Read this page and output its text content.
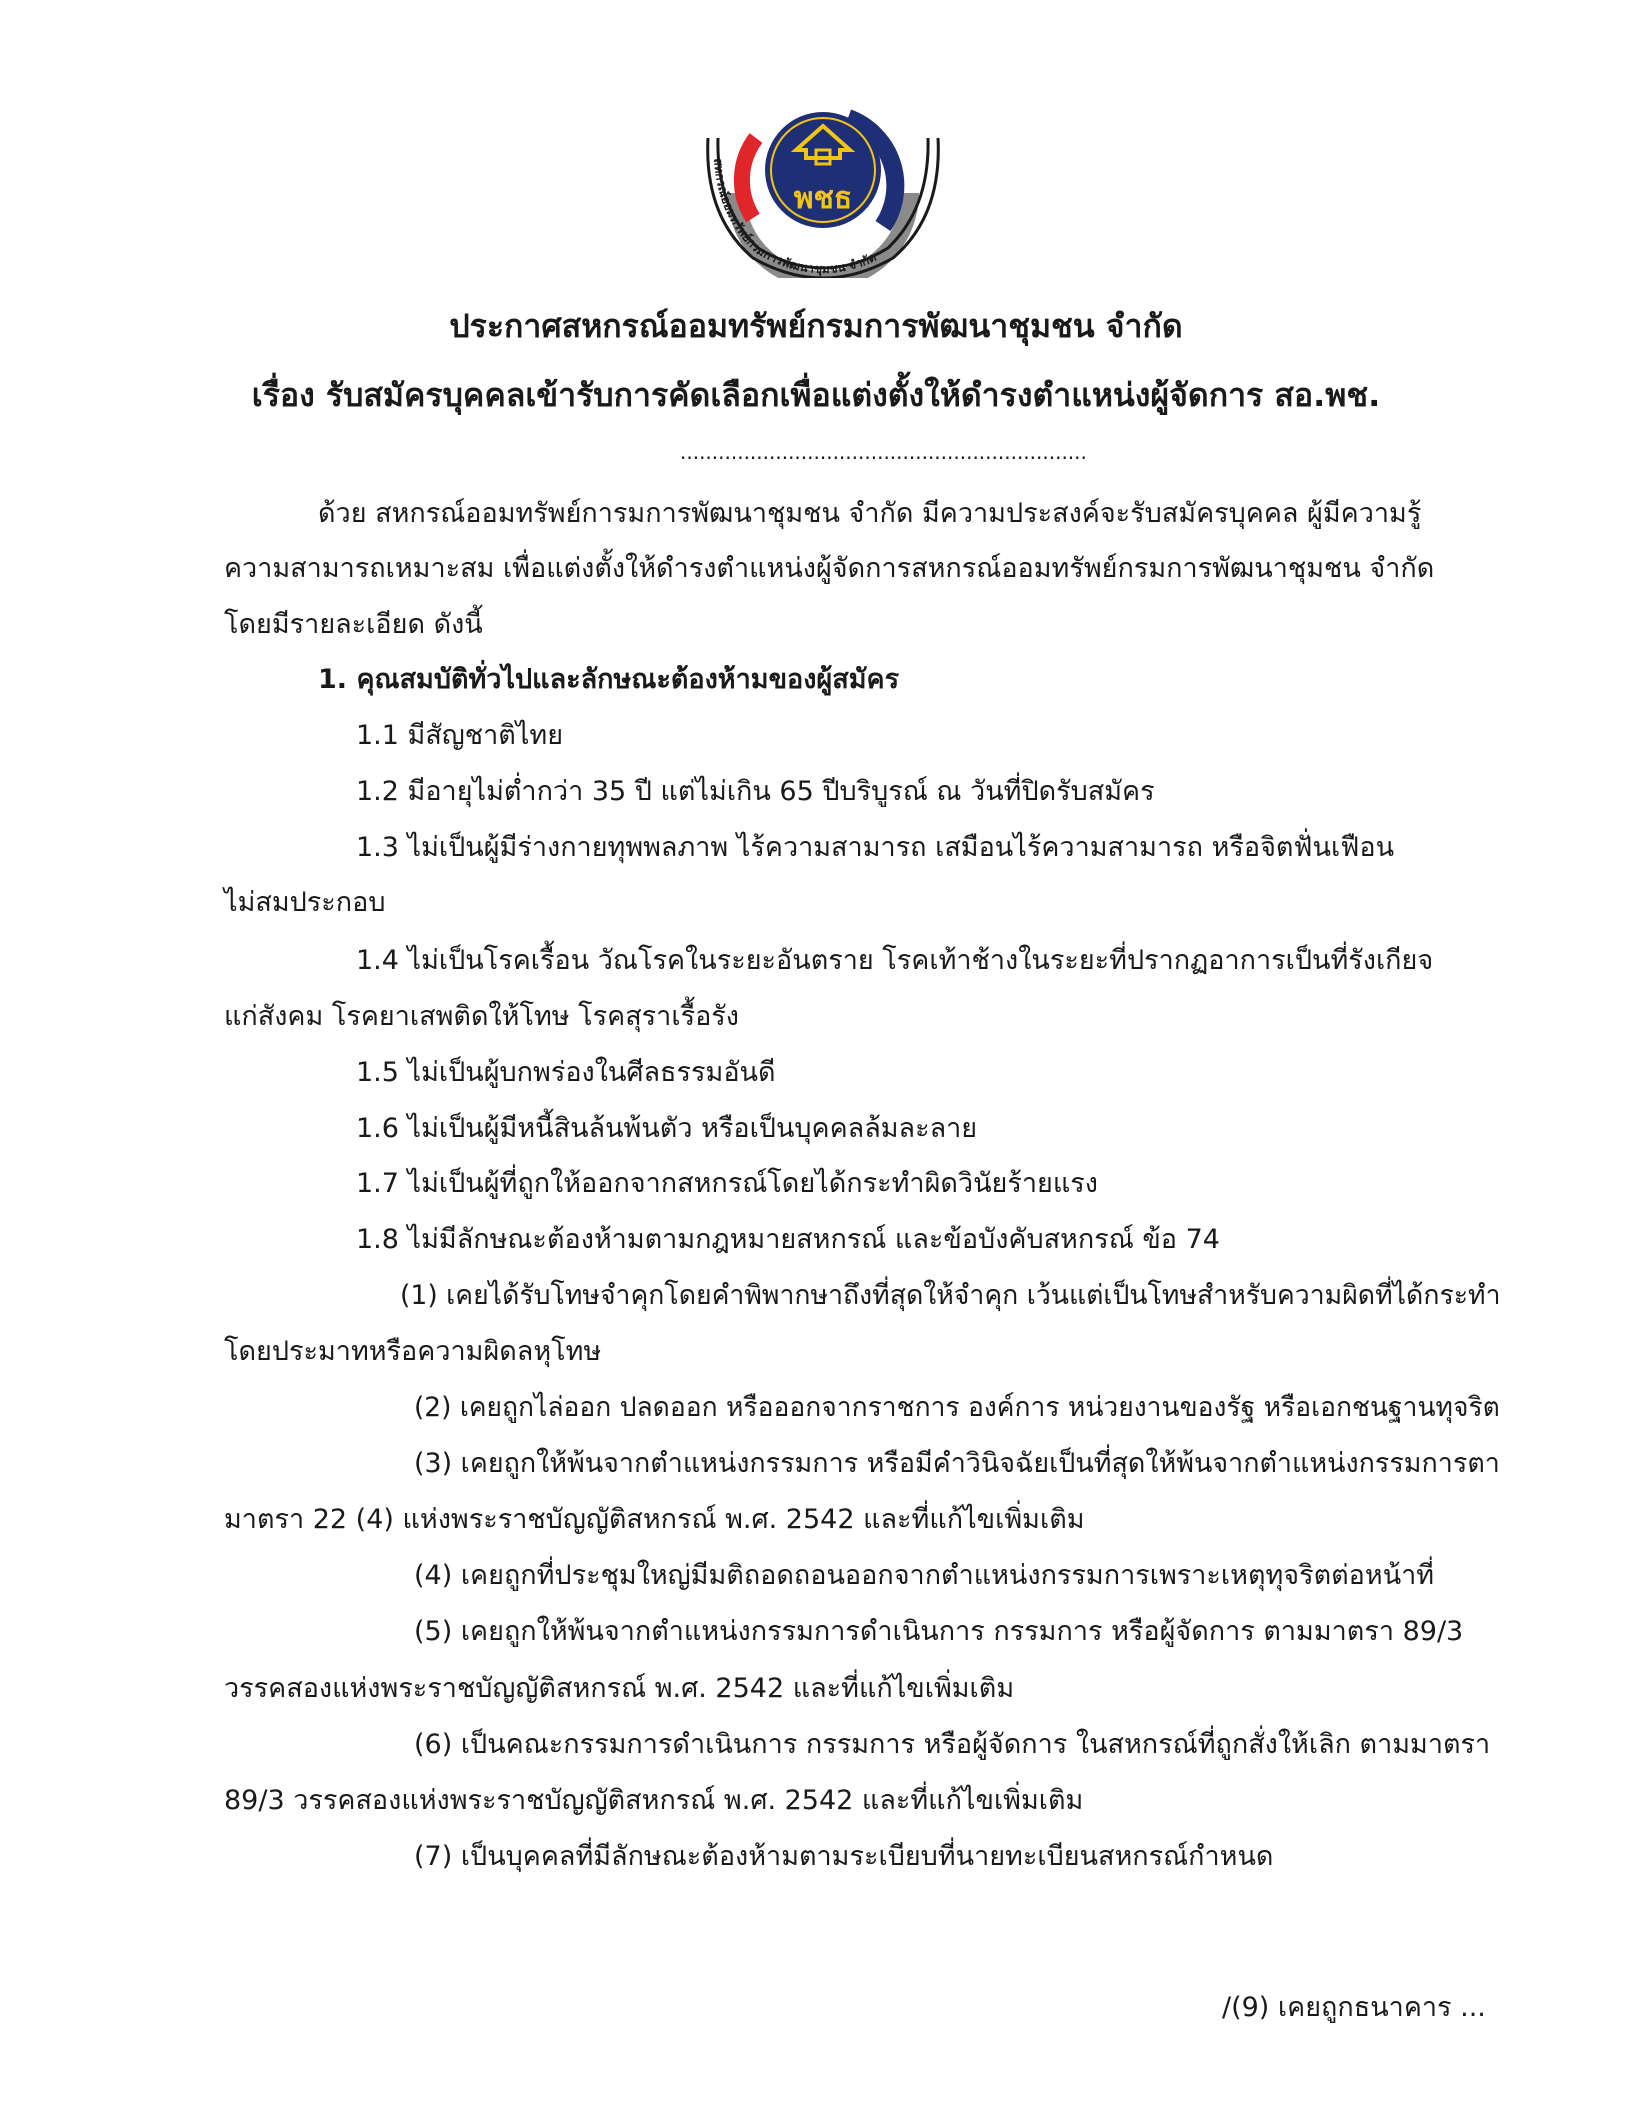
พชธ
สหกรณ์ออมทรัพย์กรมการพัฒนาชุมชน จำกัด
ประกาศสหกรณ์ออมทรัพย์กรมการพัฒนาชุมชน จำกัด
เรื่อง รับสมัครบุคคลเข้ารับการคัดเลือกเพื่อแต่งตั้งให้ดำรงตำแหน่งผู้จัดการ สอ.พช.
................................................................
ด้วย สหกรณ์ออมทรัพย์การมการพัฒนาชุมชน จำกัด มีความประสงค์จะรับสมัครบุคคล ผู้มีความรู้
ความสามารถเหมาะสม เพื่อแต่งตั้งให้ดำรงตำแหน่งผู้จัดการสหกรณ์ออมทรัพย์กรมการพัฒนาชุมชน จำกัด
โดยมีรายละเอียด ดังนี้
1. คุณสมบัติทั่วไปและลักษณะต้องห้ามของผู้สมัคร
1.1 มีสัญชาติไทย
1.2 มีอายุไม่ต่ำกว่า 35 ปี แต่ไม่เกิน 65 ปีบริบูรณ์ ณ วันที่ปิดรับสมัคร
1.3 ไม่เป็นผู้มีร่างกายทุพพลภาพ ไร้ความสามารถ เสมือนไร้ความสามารถ หรือจิตฟั่นเฟือน
ไม่สมประกอบ
1.4 ไม่เป็นโรคเรื้อน วัณโรคในระยะอันตราย โรคเท้าช้างในระยะที่ปรากฏอาการเป็นที่รังเกียจ
แก่สังคม โรคยาเสพติดให้โทษ โรคสุราเรื้อรัง
1.5 ไม่เป็นผู้บกพร่องในศีลธรรมอันดี
1.6 ไม่เป็นผู้มีหนี้สินล้นพ้นตัว หรือเป็นบุคคลล้มละลาย
1.7 ไม่เป็นผู้ที่ถูกให้ออกจากสหกรณ์โดยได้กระทำผิดวินัยร้ายแรง
1.8 ไม่มีลักษณะต้องห้ามตามกฎหมายสหกรณ์ และข้อบังคับสหกรณ์ ข้อ 74
(1) เคยได้รับโทษจำคุกโดยคำพิพากษาถึงที่สุดให้จำคุก เว้นแต่เป็นโทษสำหรับความผิดที่ได้กระทำ
โดยประมาทหรือความผิดลหุโทษ
(2) เคยถูกไล่ออก ปลดออก หรือออกจากราชการ องค์การ หน่วยงานของรัฐ หรือเอกชนฐานทุจริต
(3) เคยถูกให้พ้นจากตำแหน่งกรรมการ หรือมีคำวินิจฉัยเป็นที่สุดให้พ้นจากตำแหน่งกรรมการตา
มาตรา 22 (4) แห่งพระราชบัญญัติสหกรณ์ พ.ศ. 2542 และที่แก้ไขเพิ่มเติม
(4) เคยถูกที่ประชุมใหญ่มีมติถอดถอนออกจากตำแหน่งกรรมการเพราะเหตุทุจริตต่อหน้าที่
(5) เคยถูกให้พ้นจากตำแหน่งกรรมการดำเนินการ กรรมการ หรือผู้จัดการ ตามมาตรา 89/3
วรรคสองแห่งพระราชบัญญัติสหกรณ์ พ.ศ. 2542 และที่แก้ไขเพิ่มเติม
(6) เป็นคณะกรรมการดำเนินการ กรรมการ หรือผู้จัดการ ในสหกรณ์ที่ถูกสั่งให้เลิก ตามมาตรา
89/3 วรรคสองแห่งพระราชบัญญัติสหกรณ์ พ.ศ. 2542 และที่แก้ไขเพิ่มเติม
(7) เป็นบุคคลที่มีลักษณะต้องห้ามตามระเบียบที่นายทะเบียนสหกรณ์กำหนด
/(9) เคยถูกธนาคาร ...
